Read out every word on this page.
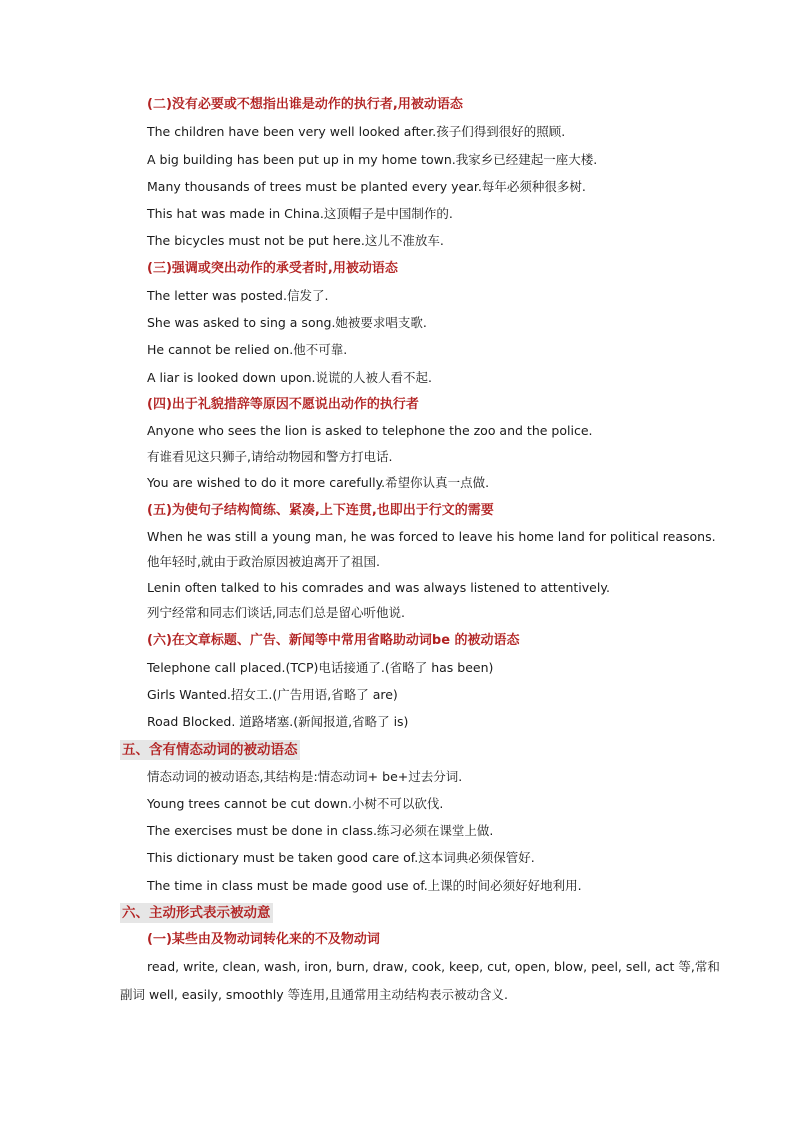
(二)没有必要或不想指出谁是动作的执行者,用被动语态
The children have been very well looked after.孩子们得到很好的照顾.
A big building has been put up in my home town.我家乡已经建起一座大楼.
Many thousands of trees must be planted every year.每年必须种很多树.
This hat was made in China.这顶帽子是中国制作的.
The bicycles must not be put here.这儿不准放车.
(三)强调或突出动作的承受者时,用被动语态
The letter was posted.信发了.
She was asked to sing a song.她被要求唱支歌.
He cannot be relied on.他不可靠.
A liar is looked down upon.说谎的人被人看不起.
(四)出于礼貌措辞等原因不愿说出动作的执行者
Anyone who sees the lion is asked to telephone the zoo and the police.
有谁看见这只狮子,请给动物园和警方打电话.
You are wished to do it more carefully.希望你认真一点做.
(五)为使句子结构简练、紧凑,上下连贯,也即出于行文的需要
When he was still a young man, he was forced to leave his home land for political reasons.
他年轻时,就由于政治原因被迫离开了祖国.
Lenin often talked to his comrades and was always listened to attentively.
列宁经常和同志们谈话,同志们总是留心听他说.
(六)在文章标题、广告、新闻等中常用省略助动词be 的被动语态
Telephone call placed.(TCP)电话接通了.(省略了 has been)
Girls Wanted.招女工.(广告用语,省略了 are)
Road Blocked. 道路堵塞.(新闻报道,省略了 is)
五、含有情态动词的被动语态
情态动词的被动语态,其结构是:情态动词+ be+过去分词.
Young trees cannot be cut down.小树不可以砍伐.
The exercises must be done in class.练习必须在课堂上做.
This dictionary must be taken good care of.这本词典必须保管好.
The time in class must be made good use of.上课的时间必须好好地利用.
六、主动形式表示被动意
(一)某些由及物动词转化来的不及物动词
read, write, clean, wash, iron, burn, draw, cook, keep, cut, open, blow, peel, sell, act 等,常和
副词 well, easily, smoothly 等连用,且通常用主动结构表示被动含义.
